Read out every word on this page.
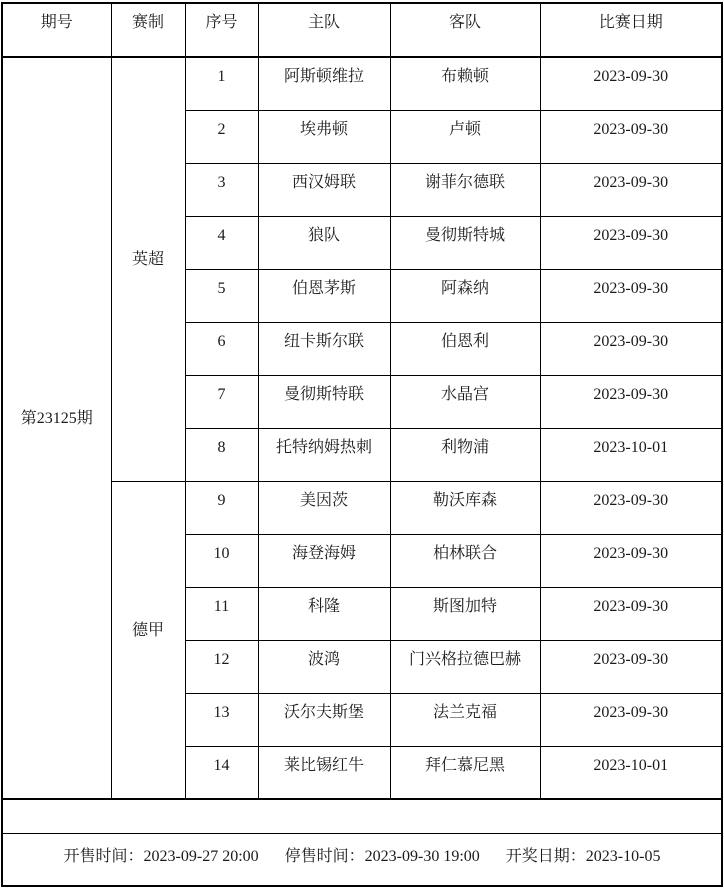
期号	赛制	序号	主队	客队	比赛日期
第23125期	英超	1	阿斯顿维拉	布赖顿	2023-09-30
		2	埃弗顿	卢顿	2023-09-30
		3	西汉姆联	谢菲尔德联	2023-09-30
		4	狼队	曼彻斯特城	2023-09-30
		5	伯恩茅斯	阿森纳	2023-09-30
		6	纽卡斯尔联	伯恩利	2023-09-30
		7	曼彻斯特联	水晶宫	2023-09-30
		8	托特纳姆热刺	利物浦	2023-10-01
	德甲	9	美因茨	勒沃库森	2023-09-30
		10	海登海姆	柏林联合	2023-09-30
		11	科隆	斯图加特	2023-09-30
		12	波鸿	门兴格拉德巴赫	2023-09-30
		13	沃尔夫斯堡	法兰克福	2023-09-30
		14	莱比锡红牛	拜仁慕尼黑	2023-10-01

开售时间：2023-09-27 20:00 停售时间：2023-09-30 19:00 开奖日期：2023-10-05					
